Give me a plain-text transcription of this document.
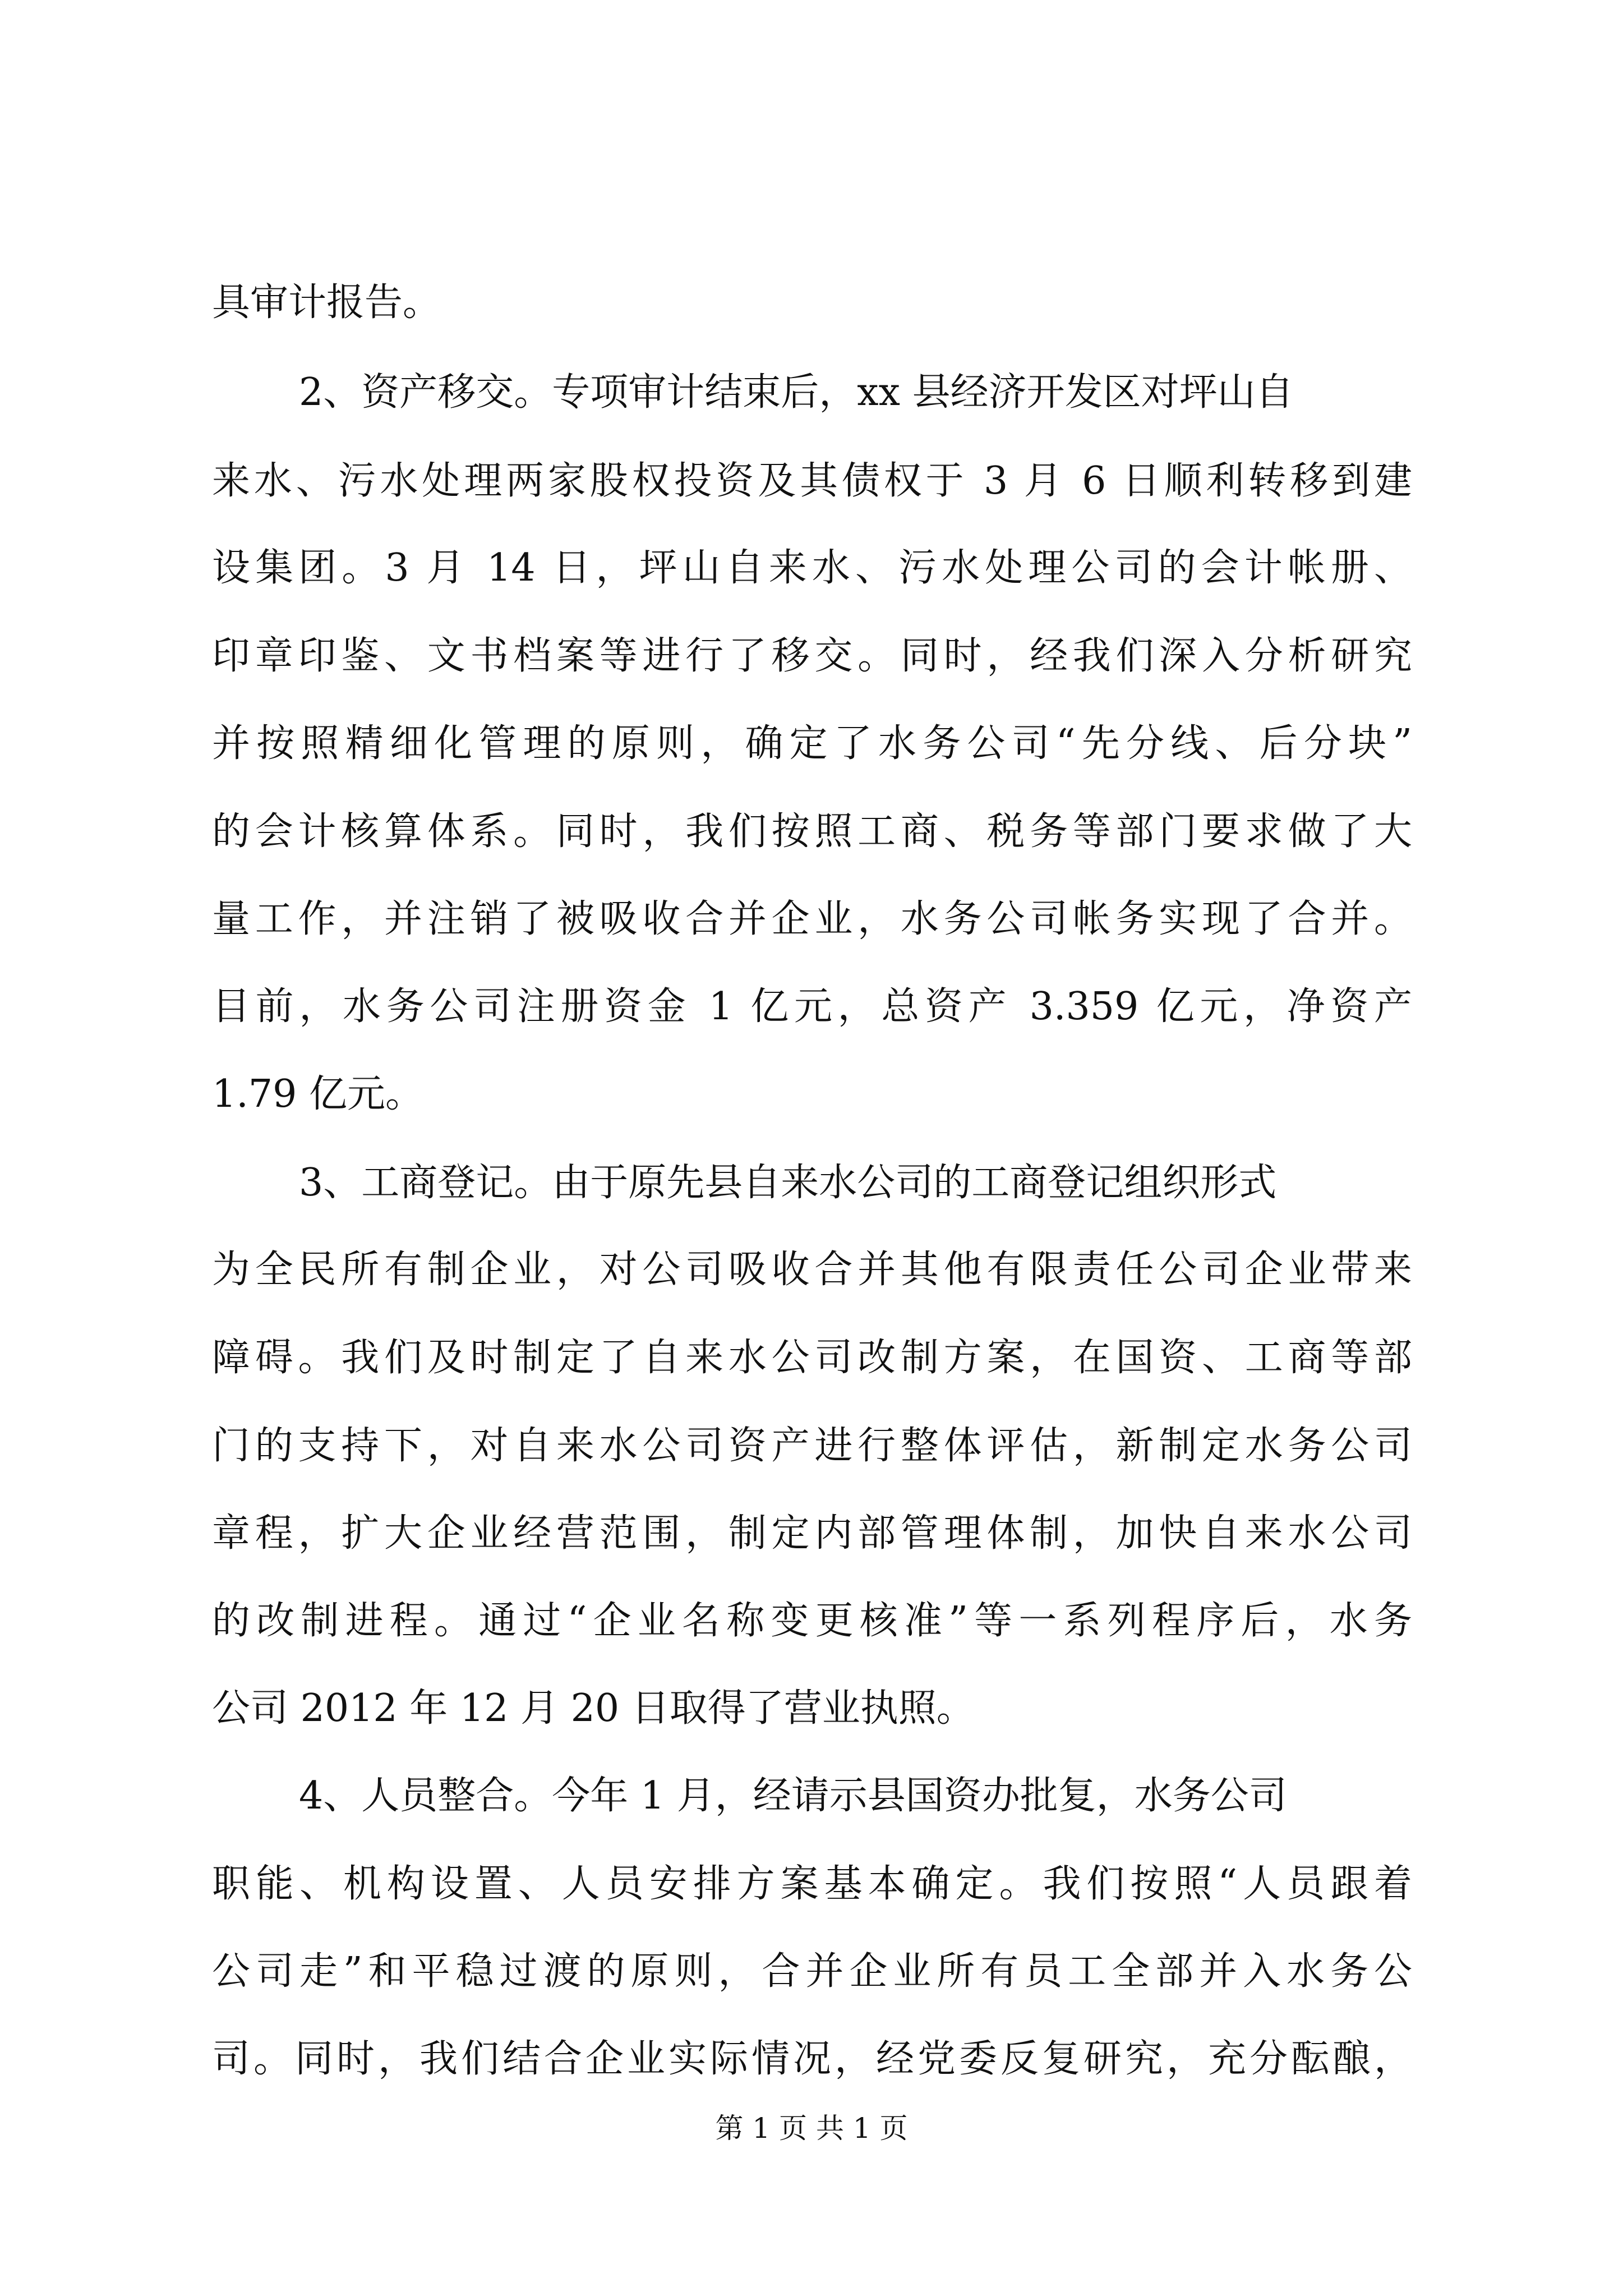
具审计报告。
2、资产移交。专项审计结束后，xx 县经济开发区对坪山自
来水、污水处理两家股权投资及其债权于 3 月 6 日顺利转移到建
设集团。3 月 14 日，坪山自来水、污水处理公司的会计帐册、
印章印鉴、文书档案等进行了移交。同时，经我们深入分析研究
并按照精细化管理的原则，确定了水务公司“先分线、后分块”
的会计核算体系。同时，我们按照工商、税务等部门要求做了大
量工作，并注销了被吸收合并企业，水务公司帐务实现了合并。
目前，水务公司注册资金 1 亿元，总资产 3.359 亿元，净资产
1.79 亿元。
3、工商登记。由于原先县自来水公司的工商登记组织形式
为全民所有制企业，对公司吸收合并其他有限责任公司企业带来
障碍。我们及时制定了自来水公司改制方案，在国资、工商等部
门的支持下，对自来水公司资产进行整体评估，新制定水务公司
章程，扩大企业经营范围，制定内部管理体制，加快自来水公司
的改制进程。通过“企业名称变更核准”等一系列程序后，水务
公司 2012 年 12 月 20 日取得了营业执照。
4、人员整合。今年 1 月，经请示县国资办批复，水务公司
职能、机构设置、人员安排方案基本确定。我们按照“人员跟着
公司走”和平稳过渡的原则，合并企业所有员工全部并入水务公
司。同时，我们结合企业实际情况，经党委反复研究，充分酝酿，
第 1 页 共 1 页
